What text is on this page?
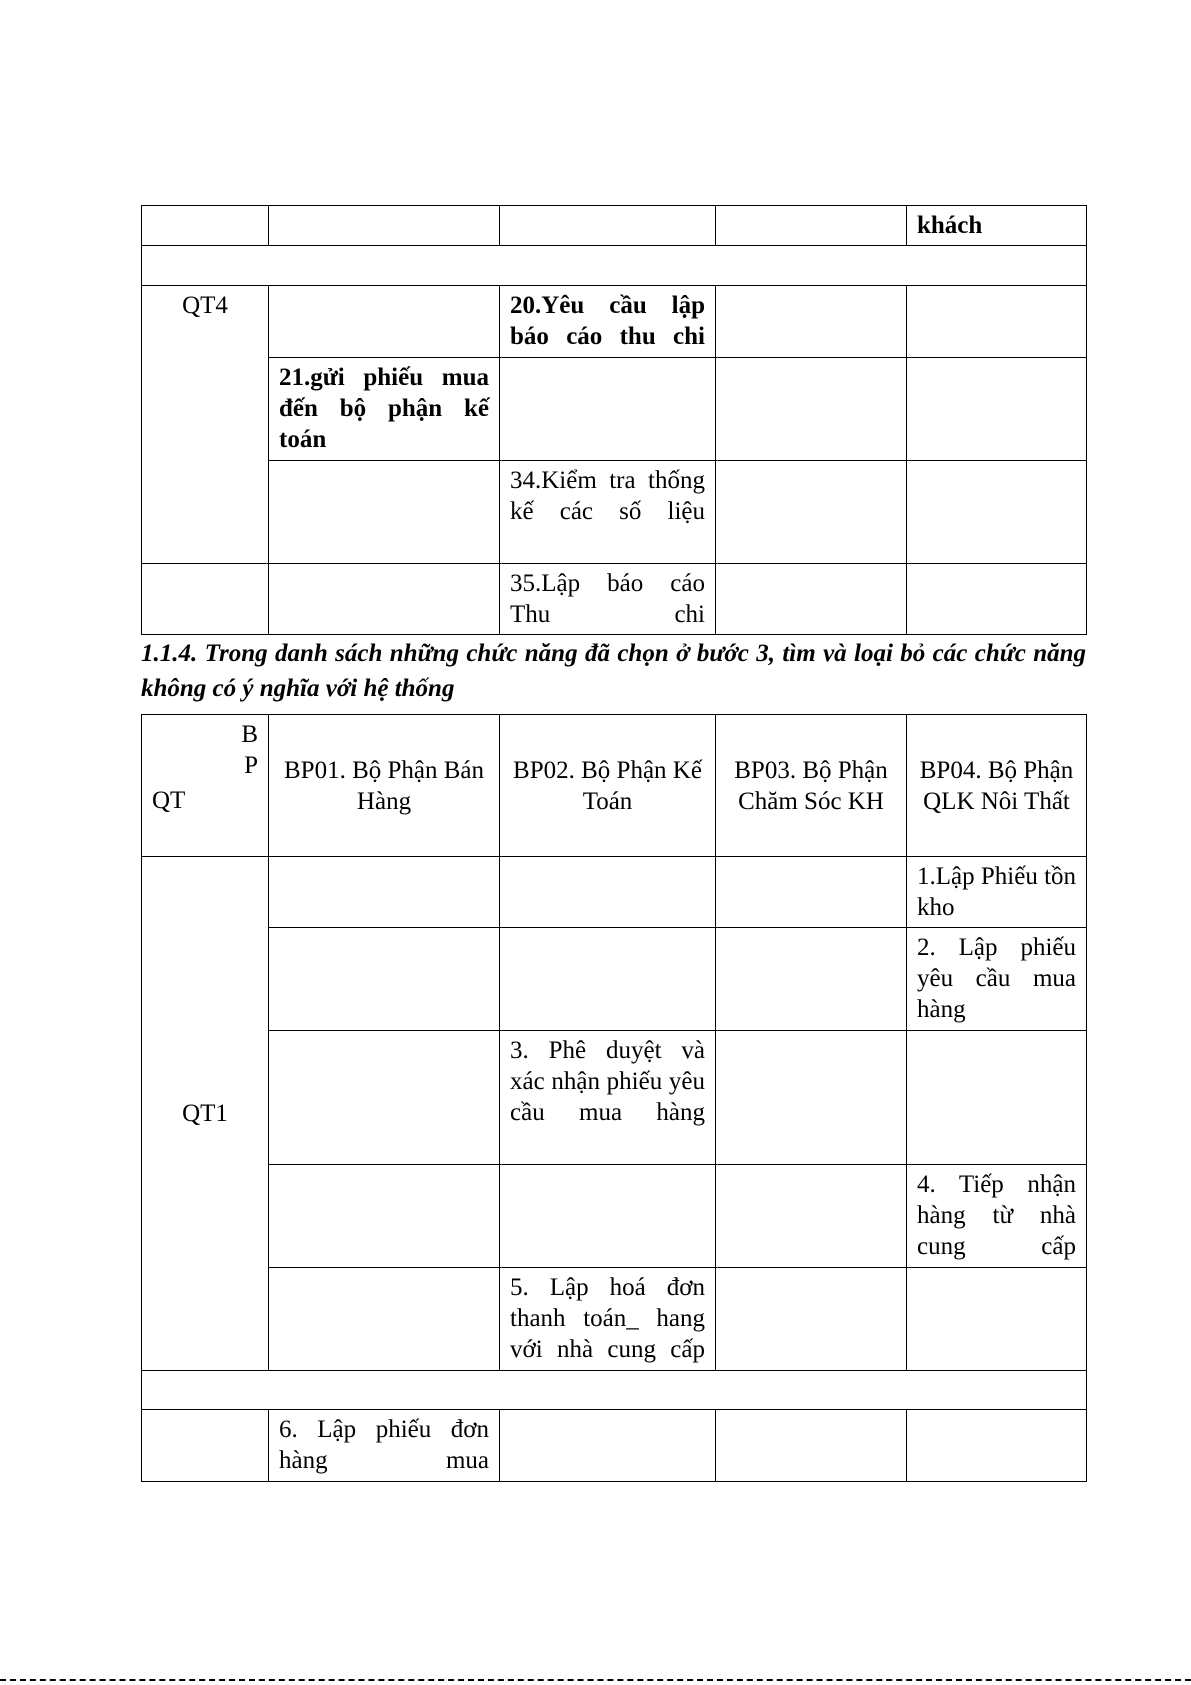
				khách

QT4		20.Yêu cầu lập báo cáo thu chi		
	21.gửi phiếu mua đến bộ phận kế toán			
		34.Kiểm tra thống kế các số liệu		
		35.Lập báo cáo Thu chi		
1.1.4. Trong danh sách những chức năng đã chọn ở bước 3, tìm và loại bỏ các chức năng không có ý nghĩa với hệ thống
B
P
QT	BP01. Bộ Phận Bán Hàng	BP02. Bộ Phận Kế Toán	BP03. Bộ Phận Chăm Sóc KH	BP04. Bộ Phận QLK Nôi Thất
QT1				1.Lập Phiếu tồn kho
				2. Lập phiếu yêu cầu mua hàng
		3. Phê duyệt và xác nhận phiếu yêu cầu mua hàng		
				4. Tiếp nhận hàng từ nhà cung cấp
		5. Lập hoá đơn thanh toán_ hang với nhà cung cấp		

	6. Lập phiếu đơn hàng mua			
